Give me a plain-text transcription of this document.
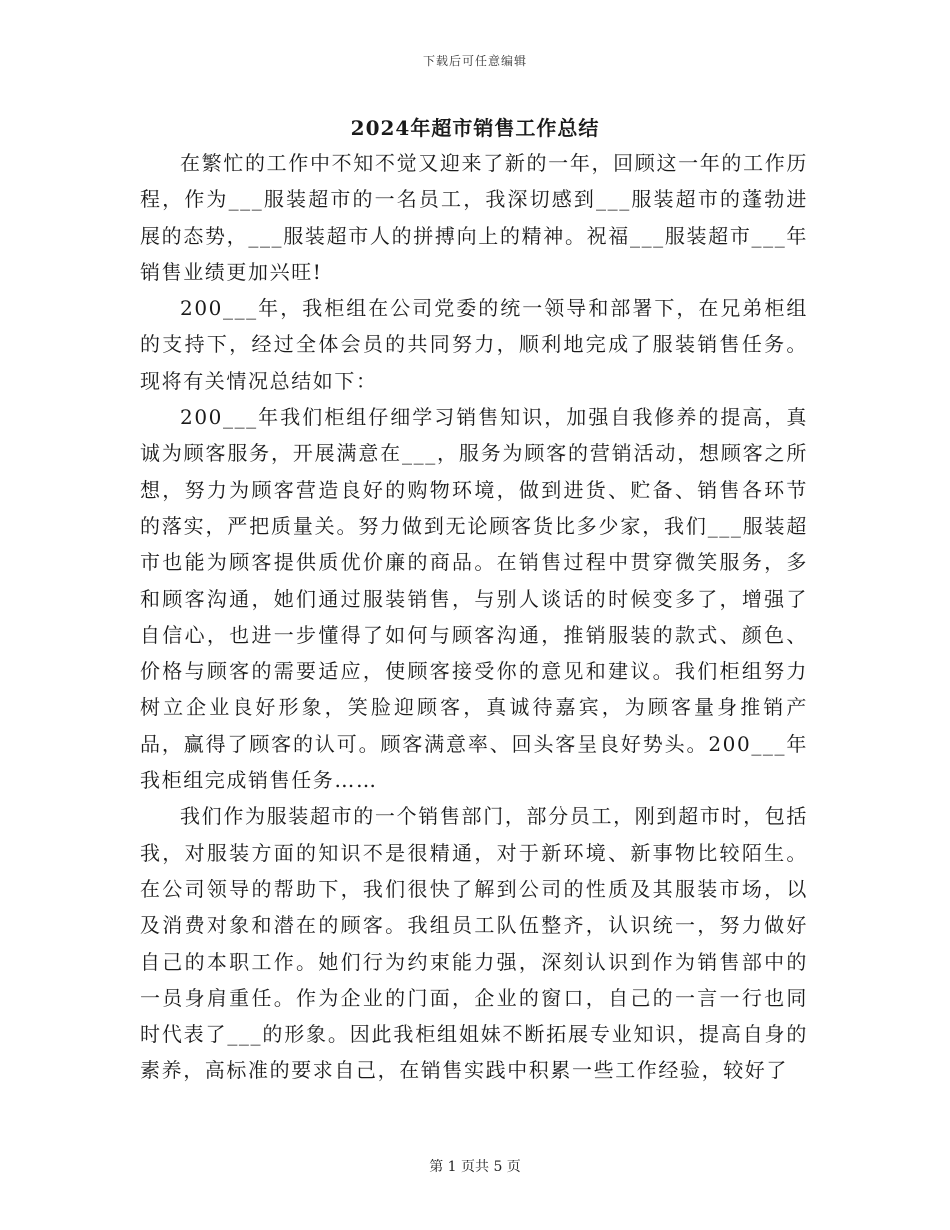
下载后可任意编辑
2024年超市销售工作总结

在繁忙的工作中不知不觉又迎来了新的一年，回顾这一年的工作历程，作为___服装超市的一名员工，我深切感到___服装超市的蓬勃进展的态势，___服装超市人的拼搏向上的精神。祝福___服装超市___年销售业绩更加兴旺!

200___年，我柜组在公司党委的统一领导和部署下，在兄弟柜组的支持下，经过全体会员的共同努力，顺利地完成了服装销售任务。现将有关情况总结如下：

200___年我们柜组仔细学习销售知识，加强自我修养的提高，真诚为顾客服务，开展满意在___，服务为顾客的营销活动，想顾客之所想，努力为顾客营造良好的购物环境，做到进货、贮备、销售各环节的落实，严把质量关。努力做到无论顾客货比多少家，我们___服装超市也能为顾客提供质优价廉的商品。在销售过程中贯穿微笑服务，多和顾客沟通，她们通过服装销售，与别人谈话的时候变多了，增强了自信心，也进一步懂得了如何与顾客沟通，推销服装的款式、颜色、价格与顾客的需要适应，使顾客接受你的意见和建议。我们柜组努力树立企业良好形象，笑脸迎顾客，真诚待嘉宾，为顾客量身推销产品，赢得了顾客的认可。顾客满意率、回头客呈良好势头。200___年我柜组完成销售任务……

我们作为服装超市的一个销售部门，部分员工，刚到超市时，包括我，对服装方面的知识不是很精通，对于新环境、新事物比较陌生。在公司领导的帮助下，我们很快了解到公司的性质及其服装市场，以及消费对象和潜在的顾客。我组员工队伍整齐，认识统一，努力做好自己的本职工作。她们行为约束能力强，深刻认识到作为销售部中的一员身肩重任。作为企业的门面，企业的窗口，自己的一言一行也同时代表了___的形象。因此我柜组姐妹不断拓展专业知识，提高自身的素养，高标准的要求自己，在销售实践中积累一些工作经验，较好了

第 1 页共 5 页
